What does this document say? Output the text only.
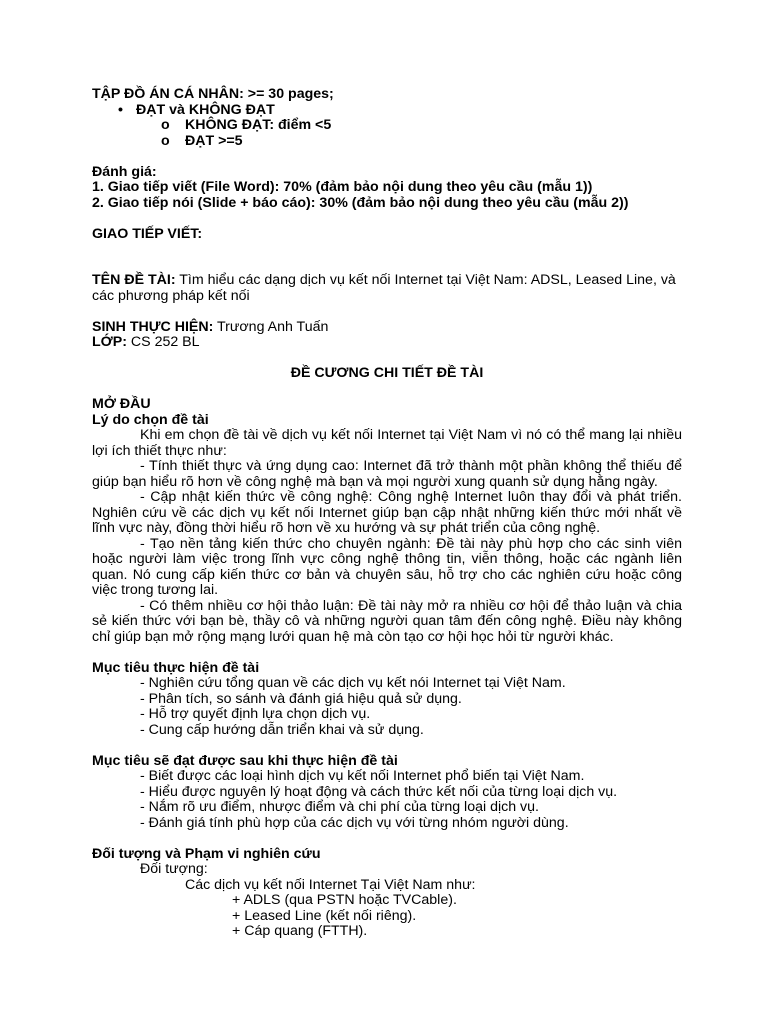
TẬP ĐỒ ÁN CÁ NHÂN: >= 30 pages;

• ĐẠT và KHÔNG ĐẠT
o KHÔNG ĐẠT: điểm <5
o ĐẠT >=5

Đánh giá:

1. Giao tiếp viết (File Word): 70% (đảm bảo nội dung theo yêu cầu (mẫu 1))

2. Giao tiếp nói (Slide + báo cáo): 30% (đảm bảo nội dung theo yêu cầu (mẫu 2))

GIAO TIẾP VIẾT:

TÊN ĐỀ TÀI: Tìm hiểu các dạng dịch vụ kết nối Internet tại Việt Nam: ADSL, Leased Line, và các phương pháp kết nối

SINH THỰC HIỆN: Trương Anh Tuấn

LỚP: CS 252 BL

ĐỀ CƯƠNG CHI TIẾT ĐỀ TÀI

MỞ ĐẦU

Lý do chọn đề tài

Khi em chọn đề tài về dịch vụ kết nối Internet tại Việt Nam vì nó có thể mang lại nhiều lợi ích thiết thực như:

- Tính thiết thực và ứng dụng cao: Internet đã trở thành một phần không thể thiếu để giúp bạn hiểu rõ hơn về công nghệ mà bạn và mọi người xung quanh sử dụng hằng ngày.

- Cập nhật kiến thức về công nghệ: Công nghệ Internet luôn thay đổi và phát triển. Nghiên cứu về các dịch vụ kết nối Internet giúp bạn cập nhật những kiến thức mới nhất về lĩnh vực này, đồng thời hiểu rõ hơn về xu hướng và sự phát triển của công nghệ.

- Tạo nền tảng kiến thức cho chuyên ngành: Đề tài này phù hợp cho các sinh viên hoặc người làm việc trong lĩnh vực công nghệ thông tin, viễn thông, hoặc các ngành liên quan. Nó cung cấp kiến thức cơ bản và chuyên sâu, hỗ trợ cho các nghiên cứu hoặc công việc trong tương lai.

- Có thêm nhiều cơ hội thảo luận: Đề tài này mở ra nhiều cơ hội để thảo luận và chia sẻ kiến thức với bạn bè, thầy cô và những người quan tâm đến công nghệ. Điều này không chỉ giúp bạn mở rộng mạng lưới quan hệ mà còn tạo cơ hội học hỏi từ người khác.

Mục tiêu thực hiện đề tài

- Nghiên cứu tổng quan về các dịch vụ kết nói Internet tại Việt Nam.

- Phân tích, so sánh và đánh giá hiệu quả sử dụng.

- Hỗ trợ quyết định lựa chọn dịch vụ.

- Cung cấp hướng dẫn triển khai và sử dụng.

Mục tiêu sẽ đạt được sau khi thực hiện đề tài

- Biết được các loại hình dịch vụ kết nối Internet phổ biến tại Việt Nam.

- Hiểu được nguyên lý hoạt động và cách thức kết nối của từng loại dịch vụ.

- Nắm rõ ưu điểm, nhược điểm và chi phí của từng loại dịch vụ.

- Đánh giá tính phù hợp của các dịch vụ với từng nhóm người dùng.

Đối tượng và Phạm vi nghiên cứu

Đối tượng:

Các dịch vụ kết nối Internet Tại Việt Nam như:

+ ADLS (qua PSTN hoặc TVCable).

+ Leased Line (kết nối riêng).

+ Cáp quang (FTTH).
